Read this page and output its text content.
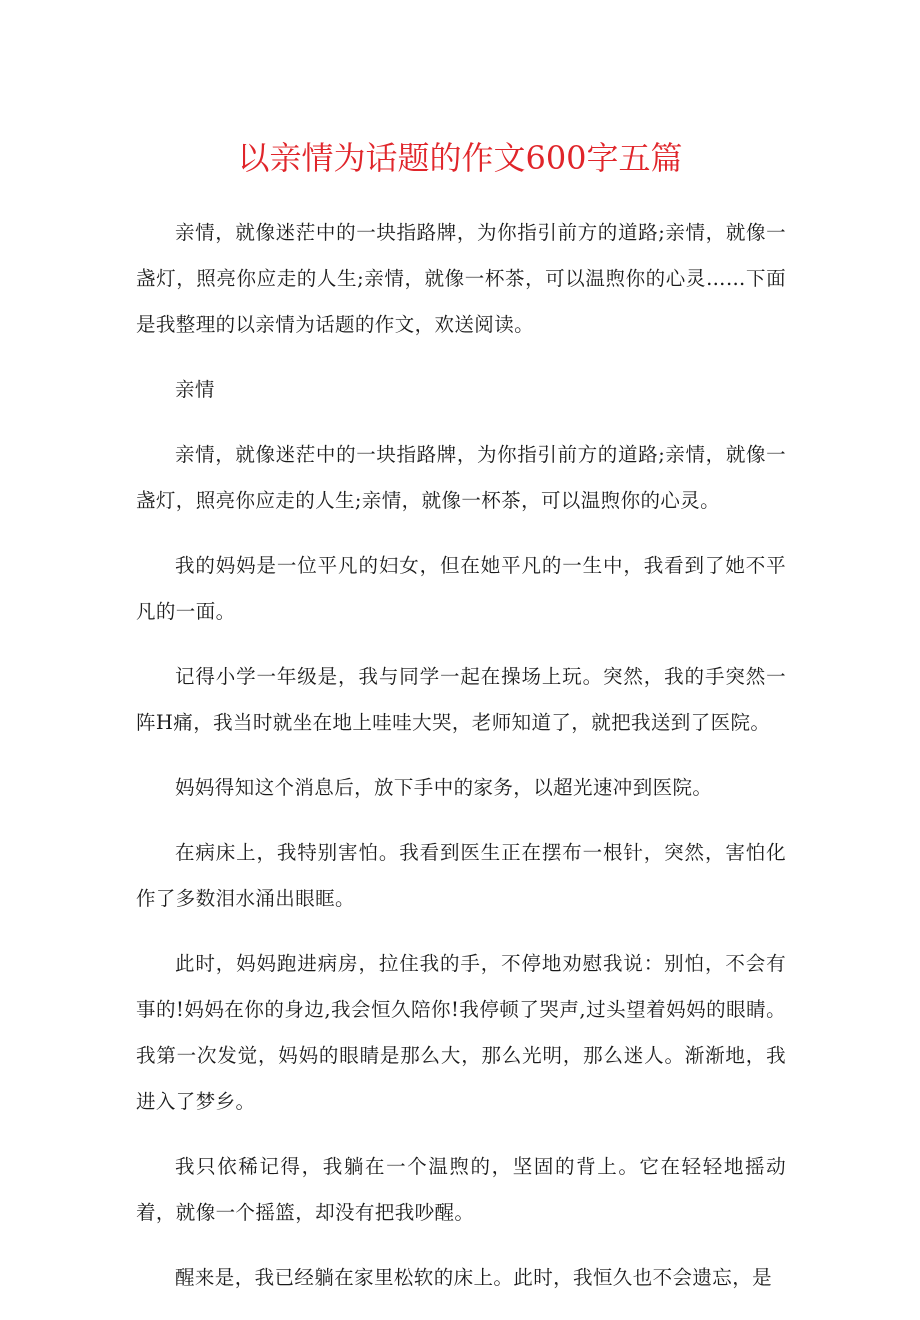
以亲情为话题的作文600字五篇

亲情，就像迷茫中的一块指路牌，为你指引前方的道路;亲情，就像一盏灯，照亮你应走的人生;亲情，就像一杯茶，可以温煦你的心灵……下面是我整理的以亲情为话题的作文，欢送阅读。

亲情

亲情，就像迷茫中的一块指路牌，为你指引前方的道路;亲情，就像一盏灯，照亮你应走的人生;亲情，就像一杯茶，可以温煦你的心灵。

我的妈妈是一位平凡的妇女，但在她平凡的一生中，我看到了她不平凡的一面。

记得小学一年级是，我与同学一起在操场上玩。突然，我的手突然一阵H痛，我当时就坐在地上哇哇大哭，老师知道了，就把我送到了医院。

妈妈得知这个消息后，放下手中的家务，以超光速冲到医院。

在病床上，我特别害怕。我看到医生正在摆布一根针，突然，害怕化作了多数泪水涌出眼眶。

此时，妈妈跑进病房，拉住我的手，不停地劝慰我说：别怕，不会有事的!妈妈在你的身边,我会恒久陪你!我停顿了哭声,过头望着妈妈的眼睛。我第一次发觉，妈妈的眼睛是那么大，那么光明，那么迷人。渐渐地，我进入了梦乡。

我只依稀记得，我躺在一个温煦的，坚固的背上。它在轻轻地摇动着，就像一个摇篮，却没有把我吵醒。

醒来是，我已经躺在家里松软的床上。此时，我恒久也不会遗忘，是
